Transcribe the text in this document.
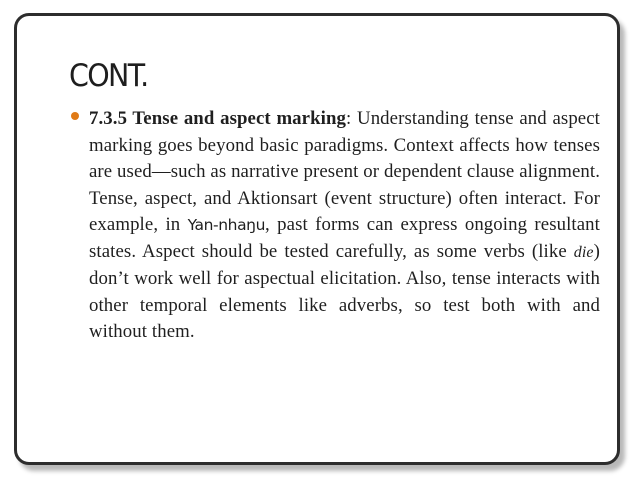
CONT.

7.3.5 Tense and aspect marking: Understanding tense and aspect marking goes beyond basic paradigms. Context affects how tenses are used—such as narrative present or dependent clause alignment. Tense, aspect, and Aktionsart (event structure) often interact. For example, in Yan-nhaŋu, past forms can express ongoing resultant states. Aspect should be tested carefully, as some verbs (like die) don’t work well for aspectual elicitation. Also, tense interacts with other temporal elements like adverbs, so test both with and without them.
